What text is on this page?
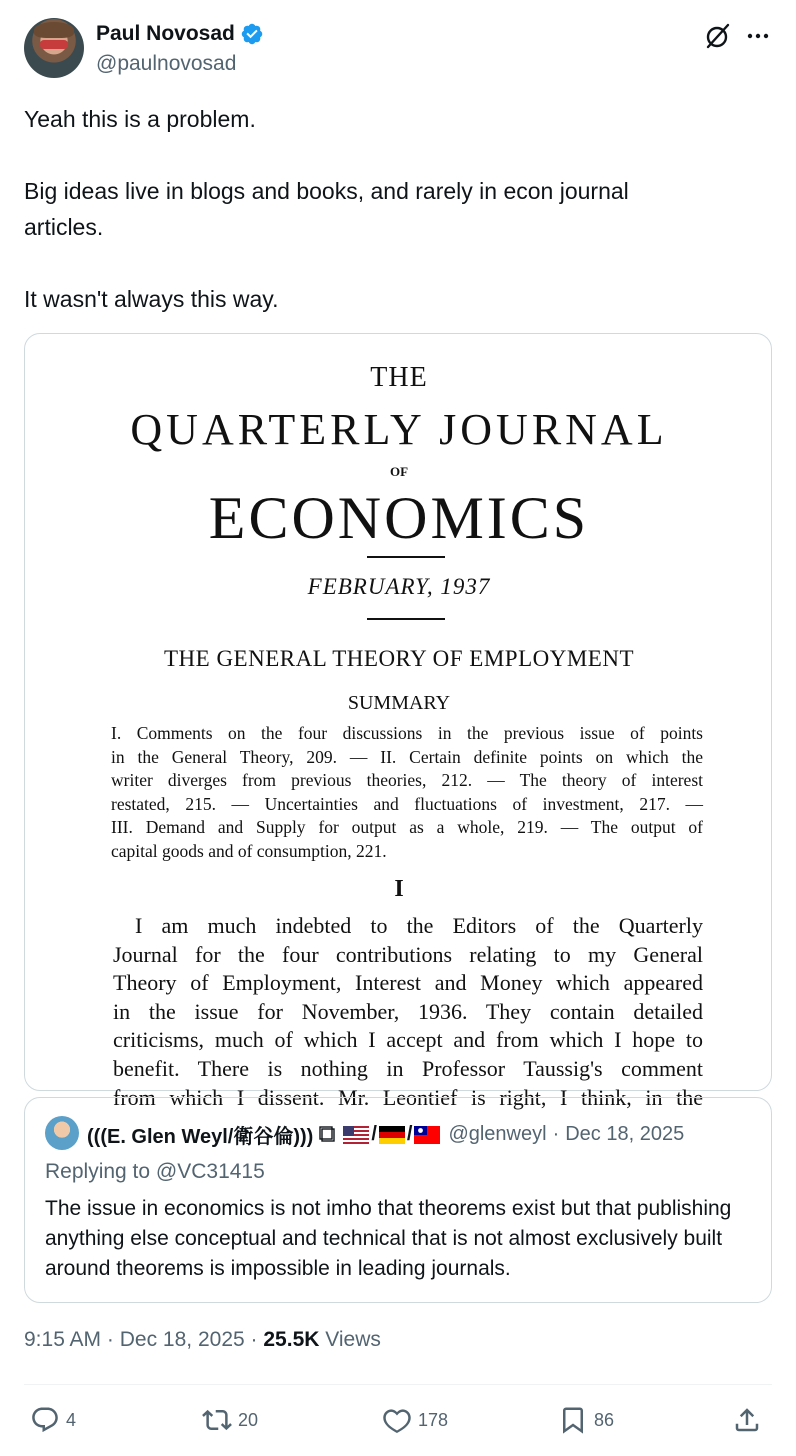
Paul Novosad
@paulnovosad

Yeah this is a problem.

Big ideas live in blogs and books, and rarely in econ journal

articles.

It wasn't always this way.

THE
QUARTERLY JOURNAL
OF
ECONOMICS
FEBRUARY, 1937
THE GENERAL THEORY OF EMPLOYMENT
SUMMARY
I. Comments on the four discussions in the previous issue of points
in the General Theory, 209. — II. Certain definite points on which the
writer diverges from previous theories, 212. — The theory of interest
restated, 215. — Uncertainties and fluctuations of investment, 217. —
III. Demand and Supply for output as a whole, 219. — The output of
capital goods and of consumption, 221.
I
I am much indebted to the Editors of the Quarterly
Journal for the four contributions relating to my General
Theory of Employment, Interest and Money which appeared
in the issue for November, 1936. They contain detailed
criticisms, much of which I accept and from which I hope to
benefit. There is nothing in Professor Taussig's comment
from which I dissent. Mr. Leontief is right, I think, in the
(((E. Glen Weyl/衛谷倫)))	/ / @glenweyl · Dec 18, 2025
Replying to @VC31415
The issue in economics is not imho that theorems exist but that publishing anything else conceptual and technical that is not almost exclusively built around theorems is impossible in leading journals.
9:15 AM · Dec 18, 2025 · 25.5K Views
4	20	178	86
